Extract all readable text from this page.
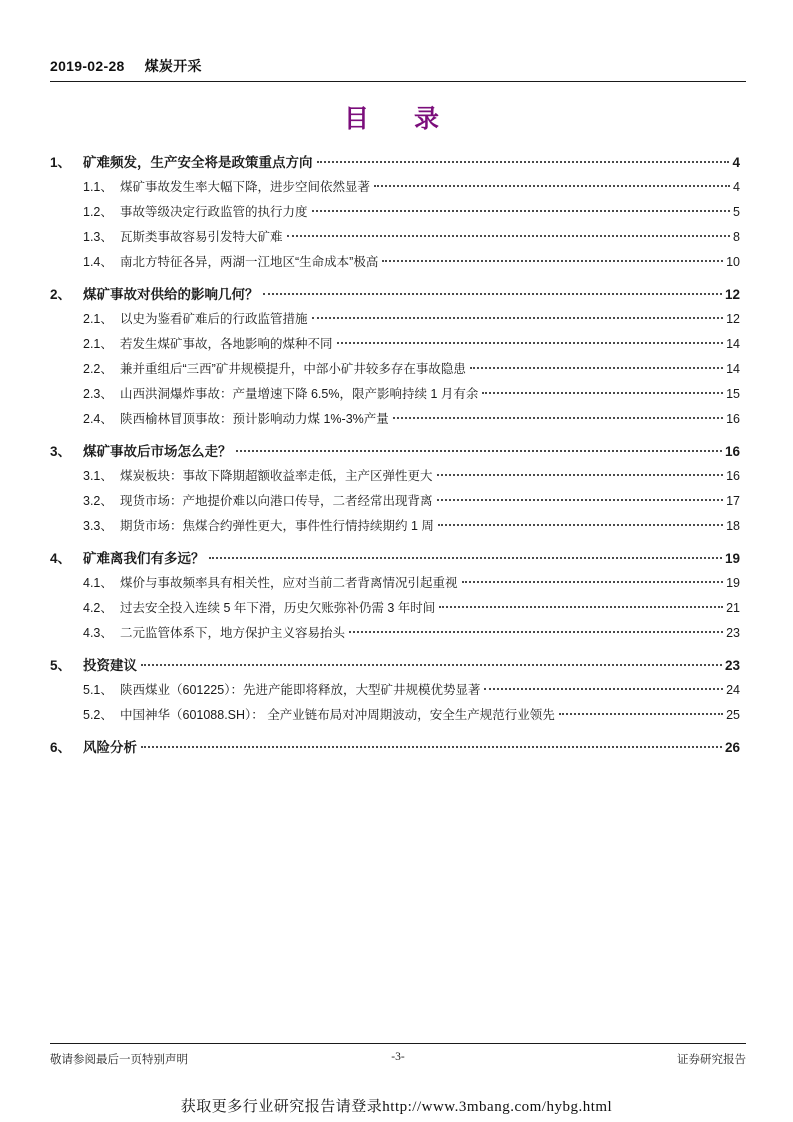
2019-02-28 煤炭开采
目　录
1、 矿难频发，生产安全将是政策重点方向	4
1.1、 煤矿事故发生率大幅下降，进步空间依然显著	4
1.2、 事故等级决定行政监管的执行力度	5
1.3、 瓦斯类事故容易引发特大矿难	8
1.4、 南北方特征各异，两湖一江地区“生命成本”极高	10
2、 煤矿事故对供给的影响几何？	12
2.1、 以史为鉴看矿难后的行政监管措施	12
2.1、 若发生煤矿事故，各地影响的煤种不同	14
2.2、 兼并重组后“三西”矿井规模提升，中部小矿井较多存在事故隐患	14
2.3、 山西洪洞爆炸事故：产量增速下降 6.5%，限产影响持续 1 月有余	15
2.4、 陕西榆林冒顶事故：预计影响动力煤 1%-3%产量	16
3、 煤矿事故后市场怎么走？	16
3.1、 煤炭板块：事故下降期超额收益率走低，主产区弹性更大	16
3.2、 现货市场：产地提价难以向港口传导，二者经常出现背离	17
3.3、 期货市场：焦煤合约弹性更大，事件性行情持续期约 1 周	18
4、 矿难离我们有多远？	19
4.1、 煤价与事故频率具有相关性，应对当前二者背离情况引起重视	19
4.2、 过去安全投入连续 5 年下滑，历史欠账弥补仍需 3 年时间	21
4.3、 二元监管体系下，地方保护主义容易抬头	23
5、 投资建议	23
5.1、 陕西煤业（601225）：先进产能即将释放，大型矿井规模优势显著	24
5.2、 中国神华（601088.SH）： 全产业链布局对冲周期波动，安全生产规范行业领先	25
6、 风险分析	26
敬请参阅最后一页特别声明	-3-	证券研究报告
获取更多行业研究报告请登录http://www.3mbang.com/hybg.html
